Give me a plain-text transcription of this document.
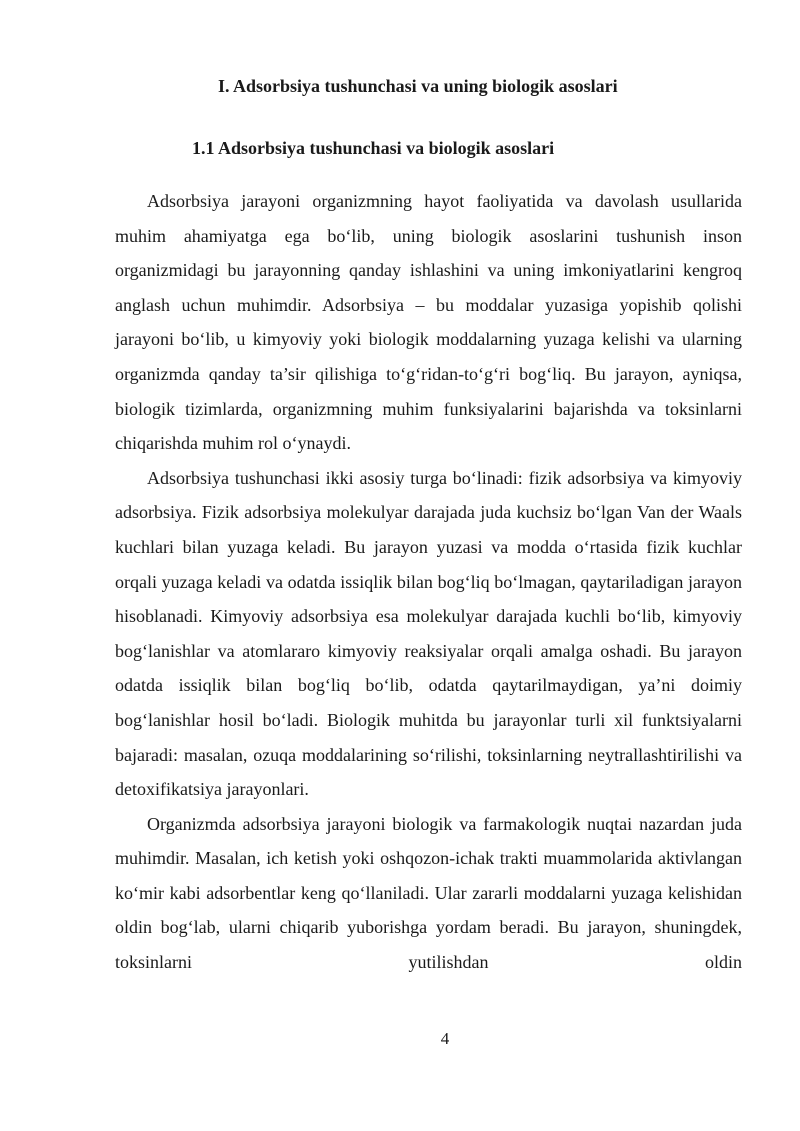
I. Adsorbsiya tushunchasi va uning biologik asoslari
1.1 Adsorbsiya tushunchasi va biologik asoslari

Adsorbsiya jarayoni organizmning hayot faoliyatida va davolash usullarida muhim ahamiyatga ega bo‘lib, uning biologik asoslarini tushunish inson organizmidagi bu jarayonning qanday ishlashini va uning imkoniyatlarini kengroq anglash uchun muhimdir. Adsorbsiya – bu moddalar yuzasiga yopishib qolishi jarayoni bo‘lib, u kimyoviy yoki biologik moddalarning yuzaga kelishi va ularning organizmda qanday ta’sir qilishiga to‘g‘ridan-to‘g‘ri bog‘liq. Bu jarayon, ayniqsa, biologik tizimlarda, organizmning muhim funksiyalarini bajarishda va toksinlarni chiqarishda muhim rol o‘ynaydi.

Adsorbsiya tushunchasi ikki asosiy turga bo‘linadi: fizik adsorbsiya va kimyoviy adsorbsiya. Fizik adsorbsiya molekulyar darajada juda kuchsiz bo‘lgan Van der Waals kuchlari bilan yuzaga keladi. Bu jarayon yuzasi va modda o‘rtasida fizik kuchlar orqali yuzaga keladi va odatda issiqlik bilan bog‘liq bo‘lmagan, qaytariladigan jarayon hisoblanadi. Kimyoviy adsorbsiya esa molekulyar darajada kuchli bo‘lib, kimyoviy bog‘lanishlar va atomlararo kimyoviy reaksiyalar orqali amalga oshadi. Bu jarayon odatda issiqlik bilan bog‘liq bo‘lib, odatda qaytarilmaydigan, ya’ni doimiy bog‘lanishlar hosil bo‘ladi. Biologik muhitda bu jarayonlar turli xil funktsiyalarni bajaradi: masalan, ozuqa moddalarining so‘rilishi, toksinlarning neytrallashtirilishi va detoxifikatsiya jarayonlari.

Organizmda adsorbsiya jarayoni biologik va farmakologik nuqtai nazardan juda muhimdir. Masalan, ich ketish yoki oshqozon-ichak trakti muammolarida aktivlangan ko‘mir kabi adsorbentlar keng qo‘llaniladi. Ular zararli moddalarni yuzaga kelishidan oldin bog‘lab, ularni chiqarib yuborishga yordam beradi. Bu jarayon, shuningdek, toksinlarni yutilishdan oldin

4
